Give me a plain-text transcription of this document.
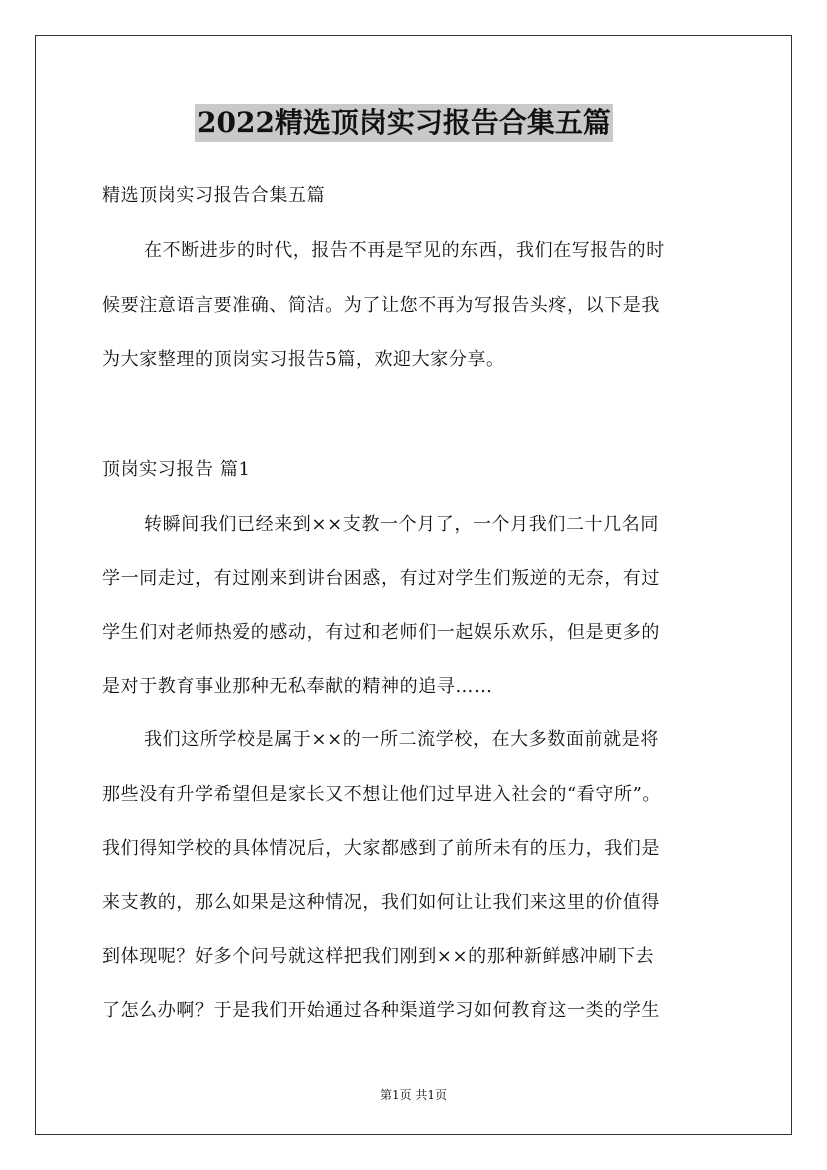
2022精选顶岗实习报告合集五篇
精选顶岗实习报告合集五篇
在不断进步的时代，报告不再是罕见的东西，我们在写报告的时
候要注意语言要准确、简洁。为了让您不再为写报告头疼，以下是我
为大家整理的顶岗实习报告5篇，欢迎大家分享。
顶岗实习报告 篇1
转瞬间我们已经来到××支教一个月了，一个月我们二十几名同
学一同走过，有过刚来到讲台困惑，有过对学生们叛逆的无奈，有过
学生们对老师热爱的感动，有过和老师们一起娱乐欢乐，但是更多的
是对于教育事业那种无私奉献的精神的追寻……
我们这所学校是属于××的一所二流学校，在大多数面前就是将
那些没有升学希望但是家长又不想让他们过早进入社会的“看守所”。
我们得知学校的具体情况后，大家都感到了前所未有的压力，我们是
来支教的，那么如果是这种情况，我们如何让让我们来这里的价值得
到体现呢？好多个问号就这样把我们刚到××的那种新鲜感冲刷下去
了怎么办啊？于是我们开始通过各种渠道学习如何教育这一类的学生
第1页 共1页
